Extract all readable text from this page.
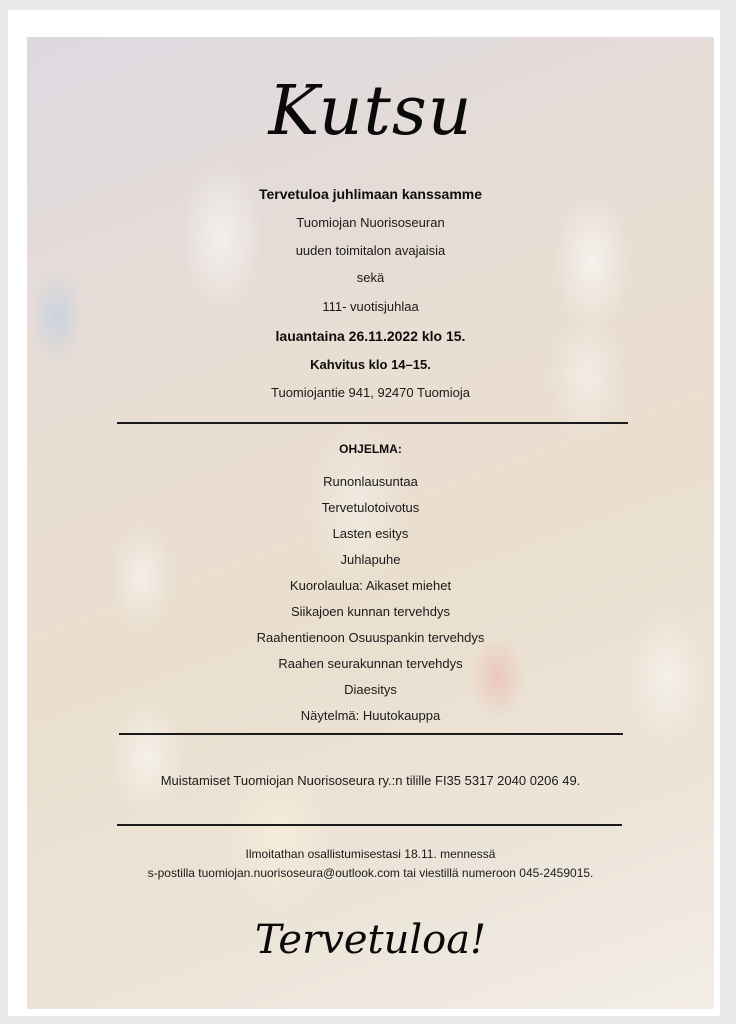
Kutsu
Tervetuloa juhlimaan kanssamme
Tuomiojan Nuorisoseuran
uuden toimitalon avajaisia
sekä
111- vuotisjuhlaa
lauantaina 26.11.2022 klo 15.
Kahvitus klo 14–15.
Tuomiojantie 941, 92470 Tuomioja
OHJELMA:
Runonlausuntaa
Tervetulotoivotus
Lasten esitys
Juhlapuhe
Kuorolaulua: Aikaset miehet
Siikajoen kunnan tervehdys
Raahentienoon Osuuspankin tervehdys
Raahen seurakunnan tervehdys
Diaesitys
Näytelmä: Huutokauppa
Muistamiset Tuomiojan Nuorisoseura ry.:n tilille FI35 5317 2040 0206 49.
Ilmoitathan osallistumisestasi 18.11. mennessä
s-postilla tuomiojan.nuorisoseura@outlook.com tai viestillä numeroon 045-2459015.
Tervetuloa!
